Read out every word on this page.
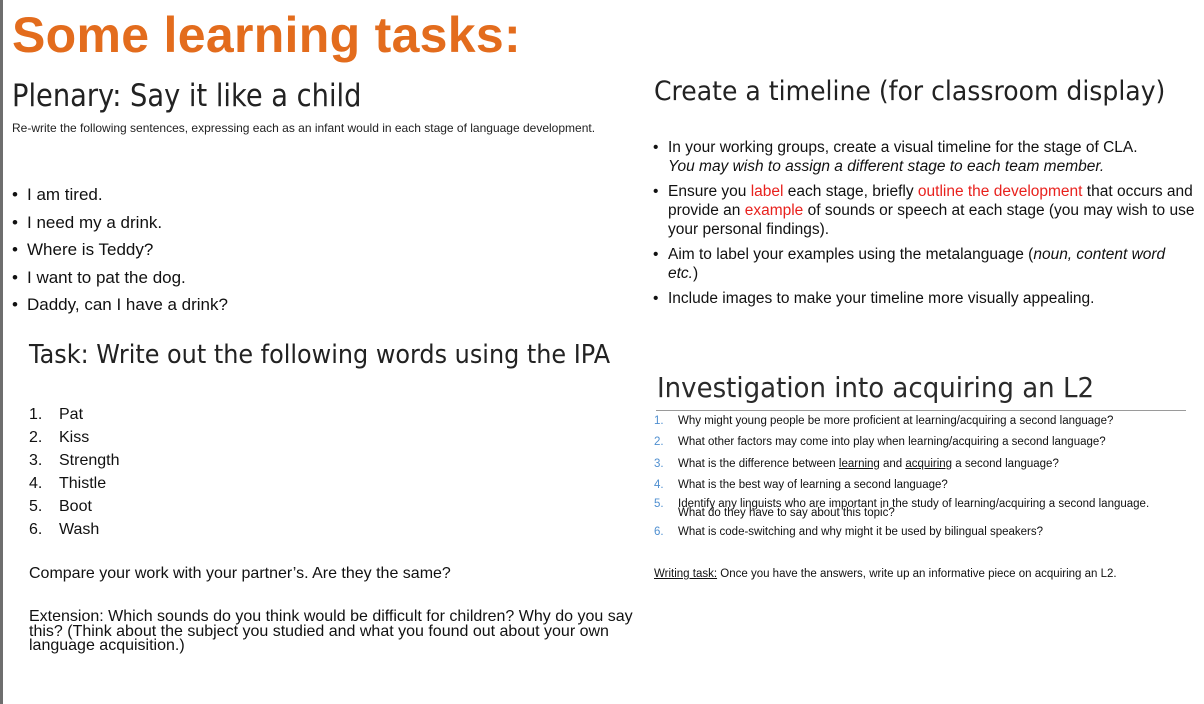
Some learning tasks:
Plenary: Say it like a child
Re-write the following sentences, expressing each as an infant would in each stage of language development.
• I am tired.
• I need my a drink.
• Where is Teddy?
• I want to pat the dog.
• Daddy, can I have a drink?
Task: Write out the following words using the IPA
1.	Pat
2.	Kiss
3.	Strength
4.	Thistle
5.	Boot
6.	Wash
Compare your work with your partner’s. Are they the same?
Extension: Which sounds do you think would be difficult for children? Why do you say this? (Think about the subject you studied and what you found out about your own language acquisition.)
Create a timeline (for classroom display)
• In your working groups, create a visual timeline for the stage of CLA.
You may wish to assign a different stage to each team member.
• Ensure you label each stage, briefly outline the development that occurs and provide an example of sounds or speech at each stage (you may wish to use your personal findings).
• Aim to label your examples using the metalanguage (noun, content word etc.)
• Include images to make your timeline more visually appealing.
Investigation into acquiring an L2
1.	Why might young people be more proficient at learning/acquiring a second language?
2.	What other factors may come into play when learning/acquiring a second language?
3.	What is the difference between learning and acquiring a second language?
4.	What is the best way of learning a second language?
5.	Identify any linguists who are important in the study of learning/acquiring a second language.
What do they have to say about this topic?
6.	What is code-switching and why might it be used by bilingual speakers?
Writing task: Once you have the answers, write up an informative piece on acquiring an L2.
